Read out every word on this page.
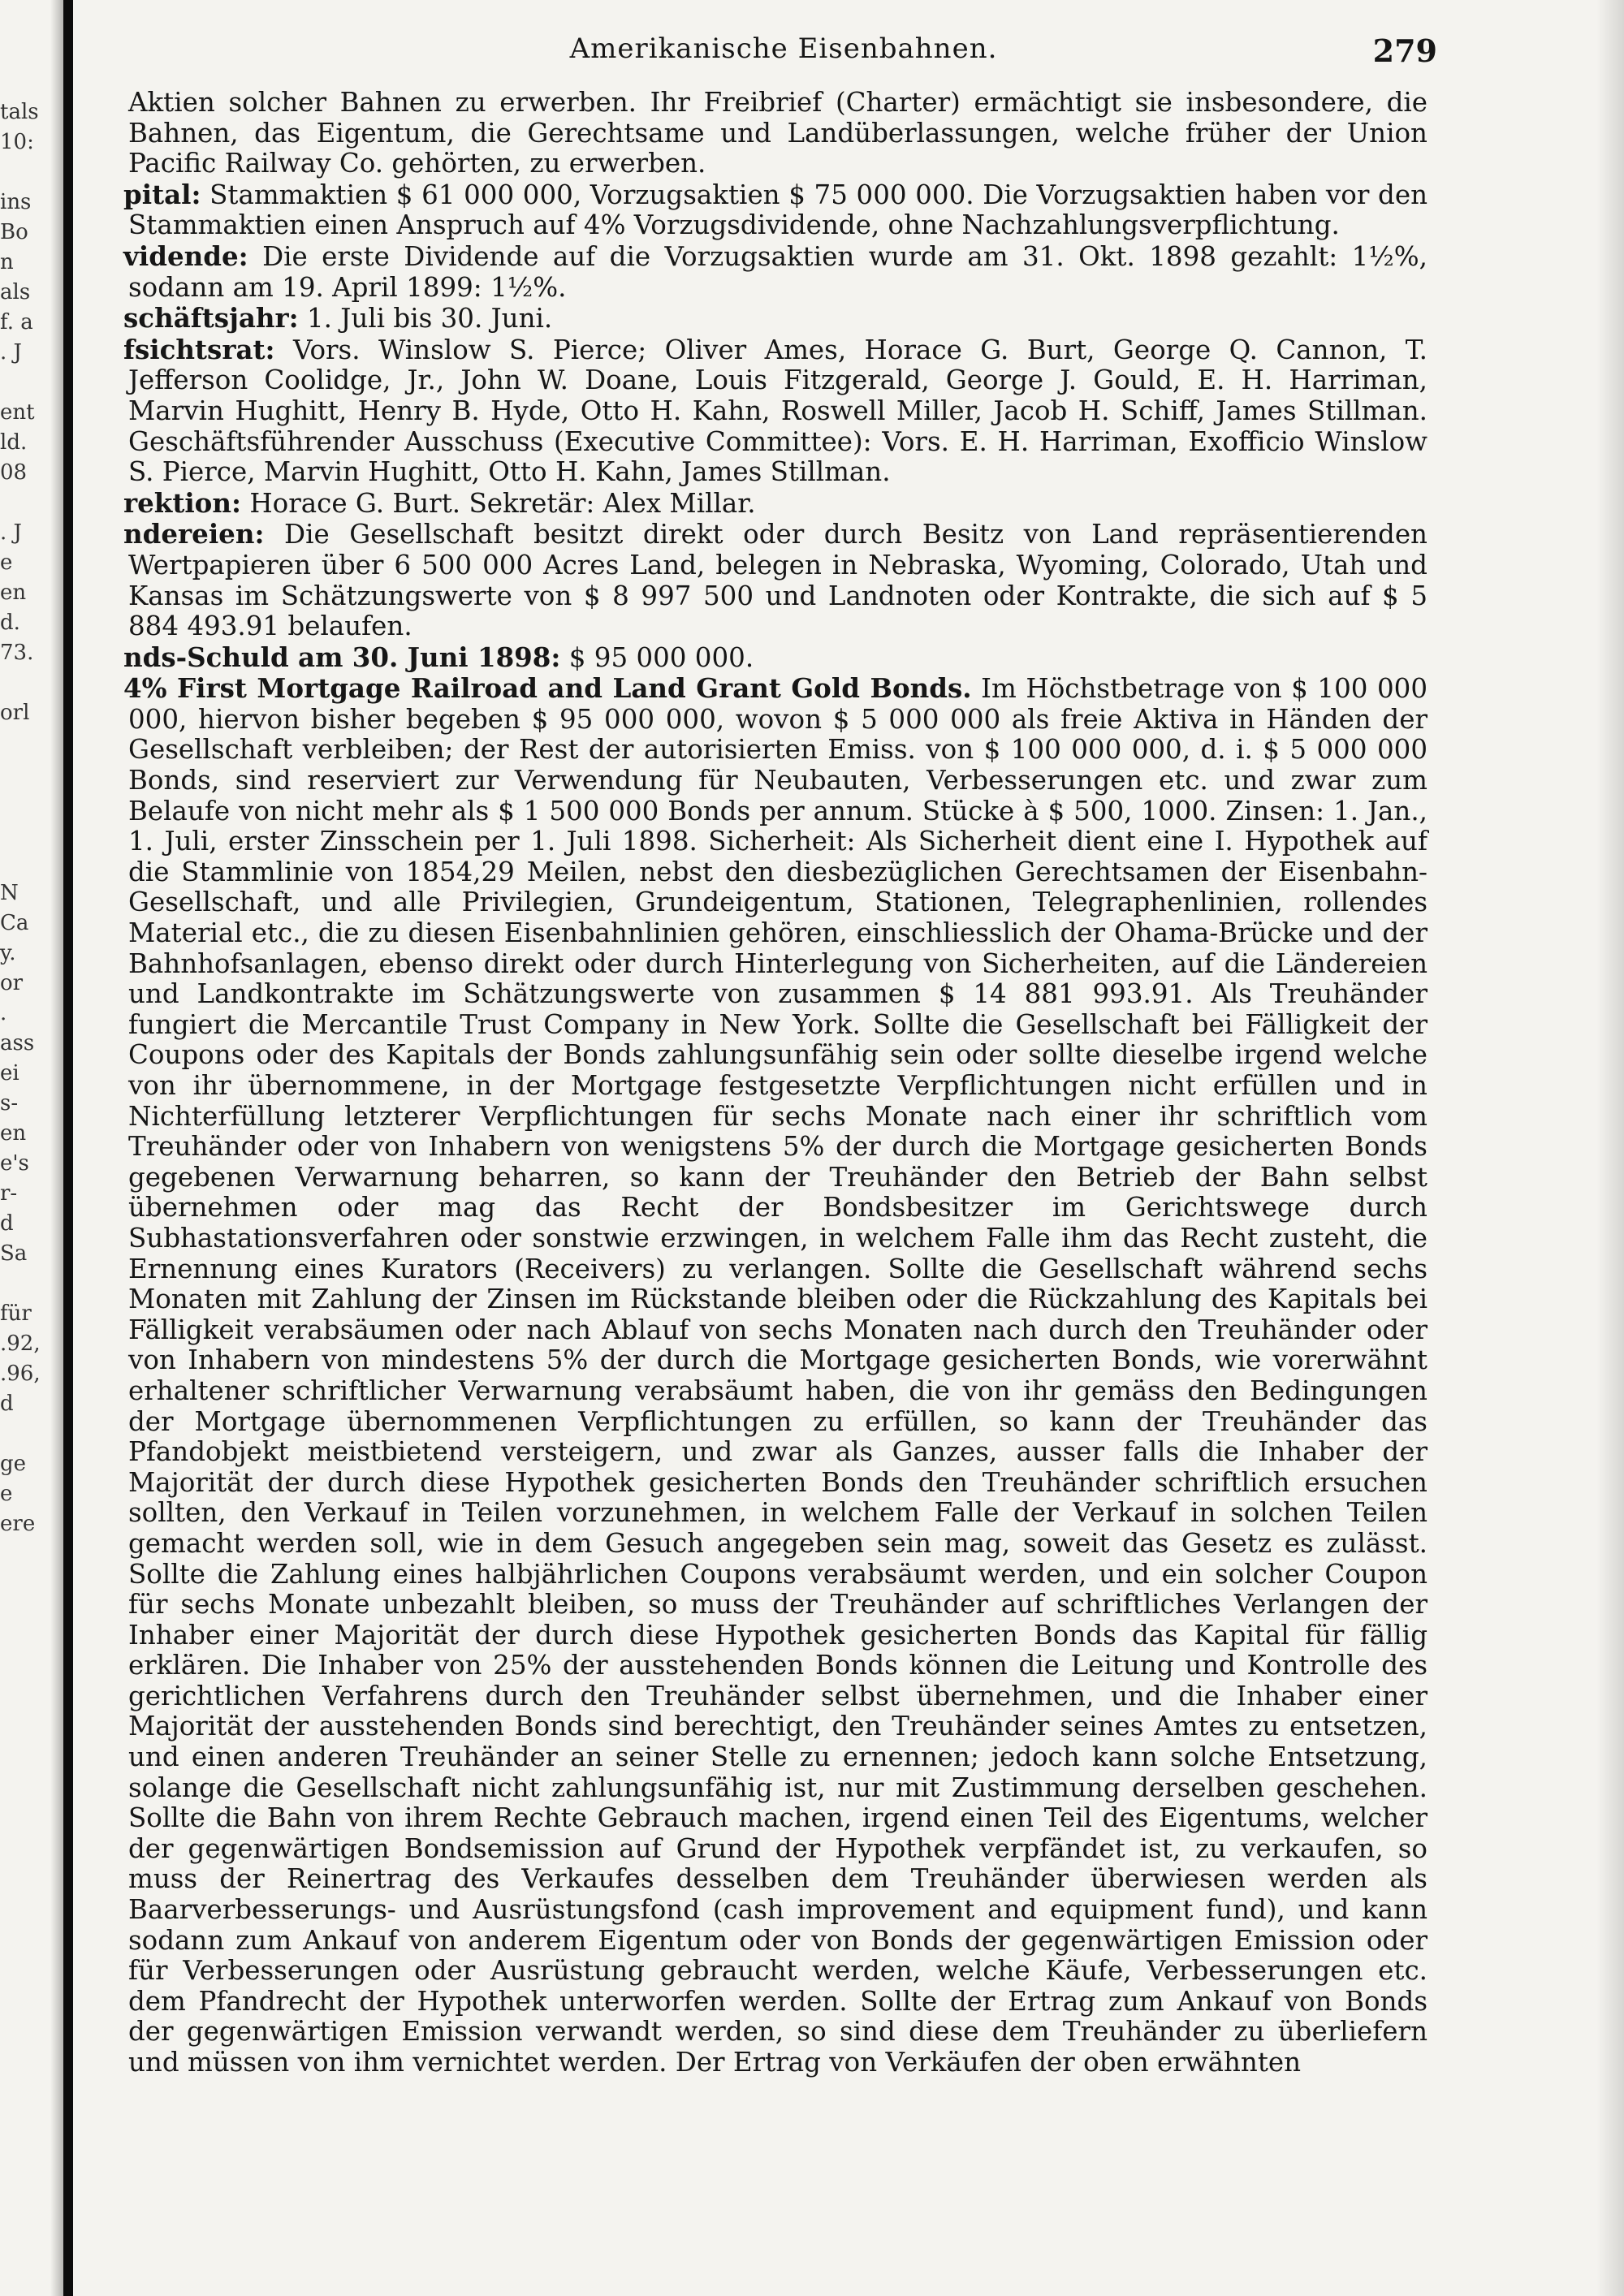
tals
10:
ins
Bo
n
als
f. a
. J
ent
ld.
08
. J
e
en
d.
73.
orl
N
Ca
y.
or
.
ass
ei
s-
en
e's
r-
d
Sa
für
.92,
.96,
d
ge
e
ere
Amerikanische Eisenbahnen.	279

Aktien solcher Bahnen zu erwerben. Ihr Freibrief (Charter) ermächtigt sie insbesondere, die Bahnen, das Eigentum, die Gerechtsame und Landüberlassungen, welche früher der Union Pacific Railway Co. gehörten, zu erwerben.

pital: Stammaktien $ 61 000 000, Vorzugsaktien $ 75 000 000. Die Vorzugsaktien haben vor den Stammaktien einen Anspruch auf 4% Vorzugsdividende, ohne Nachzahlungsverpflichtung.

vidende: Die erste Dividende auf die Vorzugsaktien wurde am 31. Okt. 1898 gezahlt: 1½%, sodann am 19. April 1899: 1½%.

schäftsjahr: 1. Juli bis 30. Juni.

fsichtsrat: Vors. Winslow S. Pierce; Oliver Ames, Horace G. Burt, George Q. Cannon, T. Jefferson Coolidge, Jr., John W. Doane, Louis Fitzgerald, George J. Gould, E. H. Harriman, Marvin Hughitt, Henry B. Hyde, Otto H. Kahn, Roswell Miller, Jacob H. Schiff, James Stillman. Geschäftsführender Ausschuss (Executive Committee): Vors. E. H. Harriman, Exofficio Winslow S. Pierce, Marvin Hughitt, Otto H. Kahn, James Stillman.

rektion: Horace G. Burt. Sekretär: Alex Millar.

ndereien: Die Gesellschaft besitzt direkt oder durch Besitz von Land repräsentierenden Wertpapieren über 6 500 000 Acres Land, belegen in Nebraska, Wyoming, Colorado, Utah und Kansas im Schätzungswerte von $ 8 997 500 und Landnoten oder Kontrakte, die sich auf $ 5 884 493.91 belaufen.

nds-Schuld am 30. Juni 1898: $ 95 000 000.

4% First Mortgage Railroad and Land Grant Gold Bonds. Im Höchstbetrage von $ 100 000 000, hiervon bisher begeben $ 95 000 000, wovon $ 5 000 000 als freie Aktiva in Händen der Gesellschaft verbleiben; der Rest der autorisierten Emiss. von $ 100 000 000, d. i. $ 5 000 000 Bonds, sind reserviert zur Verwendung für Neubauten, Verbesserungen etc. und zwar zum Belaufe von nicht mehr als $ 1 500 000 Bonds per annum. Stücke à $ 500, 1000. Zinsen: 1. Jan., 1. Juli, erster Zinsschein per 1. Juli 1898. Sicherheit: Als Sicherheit dient eine I. Hypothek auf die Stammlinie von 1854,29 Meilen, nebst den diesbezüglichen Gerechtsamen der Eisenbahn-Gesellschaft, und alle Privilegien, Grundeigentum, Stationen, Telegraphenlinien, rollendes Material etc., die zu diesen Eisenbahnlinien gehören, einschliesslich der Ohama-Brücke und der Bahnhofsanlagen, ebenso direkt oder durch Hinterlegung von Sicherheiten, auf die Ländereien und Landkontrakte im Schätzungswerte von zusammen $ 14 881 993.91. Als Treuhänder fungiert die Mercantile Trust Company in New York. Sollte die Gesellschaft bei Fälligkeit der Coupons oder des Kapitals der Bonds zahlungsunfähig sein oder sollte dieselbe irgend welche von ihr übernommene, in der Mortgage festgesetzte Verpflichtungen nicht erfüllen und in Nichterfüllung letzterer Verpflichtungen für sechs Monate nach einer ihr schriftlich vom Treuhänder oder von Inhabern von wenigstens 5% der durch die Mortgage gesicherten Bonds gegebenen Verwarnung beharren, so kann der Treuhänder den Betrieb der Bahn selbst übernehmen oder mag das Recht der Bondsbesitzer im Gerichtswege durch Subhastationsverfahren oder sonstwie erzwingen, in welchem Falle ihm das Recht zusteht, die Ernennung eines Kurators (Receivers) zu verlangen. Sollte die Gesellschaft während sechs Monaten mit Zahlung der Zinsen im Rückstande bleiben oder die Rückzahlung des Kapitals bei Fälligkeit verabsäumen oder nach Ablauf von sechs Monaten nach durch den Treuhänder oder von Inhabern von mindestens 5% der durch die Mortgage gesicherten Bonds, wie vorerwähnt erhaltener schriftlicher Verwarnung verabsäumt haben, die von ihr gemäss den Bedingungen der Mortgage übernommenen Verpflichtungen zu erfüllen, so kann der Treuhänder das Pfandobjekt meistbietend versteigern, und zwar als Ganzes, ausser falls die Inhaber der Majorität der durch diese Hypothek gesicherten Bonds den Treuhänder schriftlich ersuchen sollten, den Verkauf in Teilen vorzunehmen, in welchem Falle der Verkauf in solchen Teilen gemacht werden soll, wie in dem Gesuch angegeben sein mag, soweit das Gesetz es zulässt. Sollte die Zahlung eines halbjährlichen Coupons verabsäumt werden, und ein solcher Coupon für sechs Monate unbezahlt bleiben, so muss der Treuhänder auf schriftliches Verlangen der Inhaber einer Majorität der durch diese Hypothek gesicherten Bonds das Kapital für fällig erklären. Die Inhaber von 25% der ausstehenden Bonds können die Leitung und Kontrolle des gerichtlichen Verfahrens durch den Treuhänder selbst übernehmen, und die Inhaber einer Majorität der ausstehenden Bonds sind berechtigt, den Treuhänder seines Amtes zu entsetzen, und einen anderen Treuhänder an seiner Stelle zu ernennen; jedoch kann solche Entsetzung, solange die Gesellschaft nicht zahlungsunfähig ist, nur mit Zustimmung derselben geschehen. Sollte die Bahn von ihrem Rechte Gebrauch machen, irgend einen Teil des Eigentums, welcher der gegenwärtigen Bondsemission auf Grund der Hypothek verpfändet ist, zu verkaufen, so muss der Reinertrag des Verkaufes desselben dem Treuhänder überwiesen werden als Baarverbesserungs- und Ausrüstungsfond (cash improvement and equipment fund), und kann sodann zum Ankauf von anderem Eigentum oder von Bonds der gegenwärtigen Emission oder für Verbesserungen oder Ausrüstung gebraucht werden, welche Käufe, Verbesserungen etc. dem Pfandrecht der Hypothek unterworfen werden. Sollte der Ertrag zum Ankauf von Bonds der gegenwärtigen Emission verwandt werden, so sind diese dem Treuhänder zu überliefern und müssen von ihm vernichtet werden. Der Ertrag von Verkäufen der oben erwähnten
